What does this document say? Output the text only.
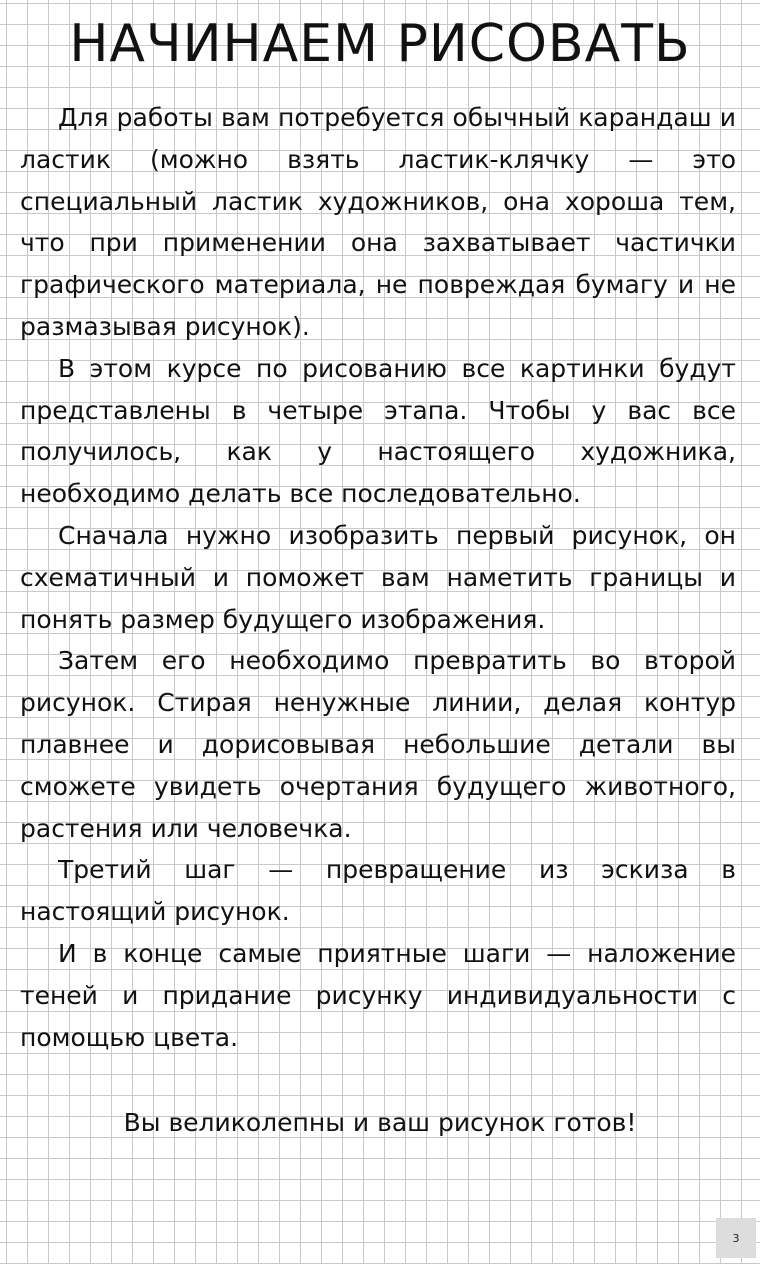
НАЧИНАЕМ РИСОВАТЬ

Для работы вам потребуется обычный карандаш и ластик (можно взять ластик-клячку — это специальный ластик художников, она хороша тем, что при применении она захватывает частички графического материала, не повреждая бумагу и не размазывая рисунок).

В этом курсе по рисованию все картинки будут представлены в четыре этапа. Чтобы у вас все получилось, как у настоящего художника, необходимо делать все последовательно.

Сначала нужно изобразить первый рисунок, он схематичный и поможет вам наметить границы и понять размер будущего изображения.

Затем его необходимо превратить во второй рисунок. Стирая ненужные линии, делая контур плавнее и дорисовывая небольшие детали вы сможете увидеть очертания будущего животного, растения или человечка.

Третий шаг — превращение из эскиза в настоящий рисунок.

И в конце самые приятные шаги — наложение теней и придание рисунку индивидуальности с помощью цвета.

Вы великолепны и ваш рисунок готов!

3
